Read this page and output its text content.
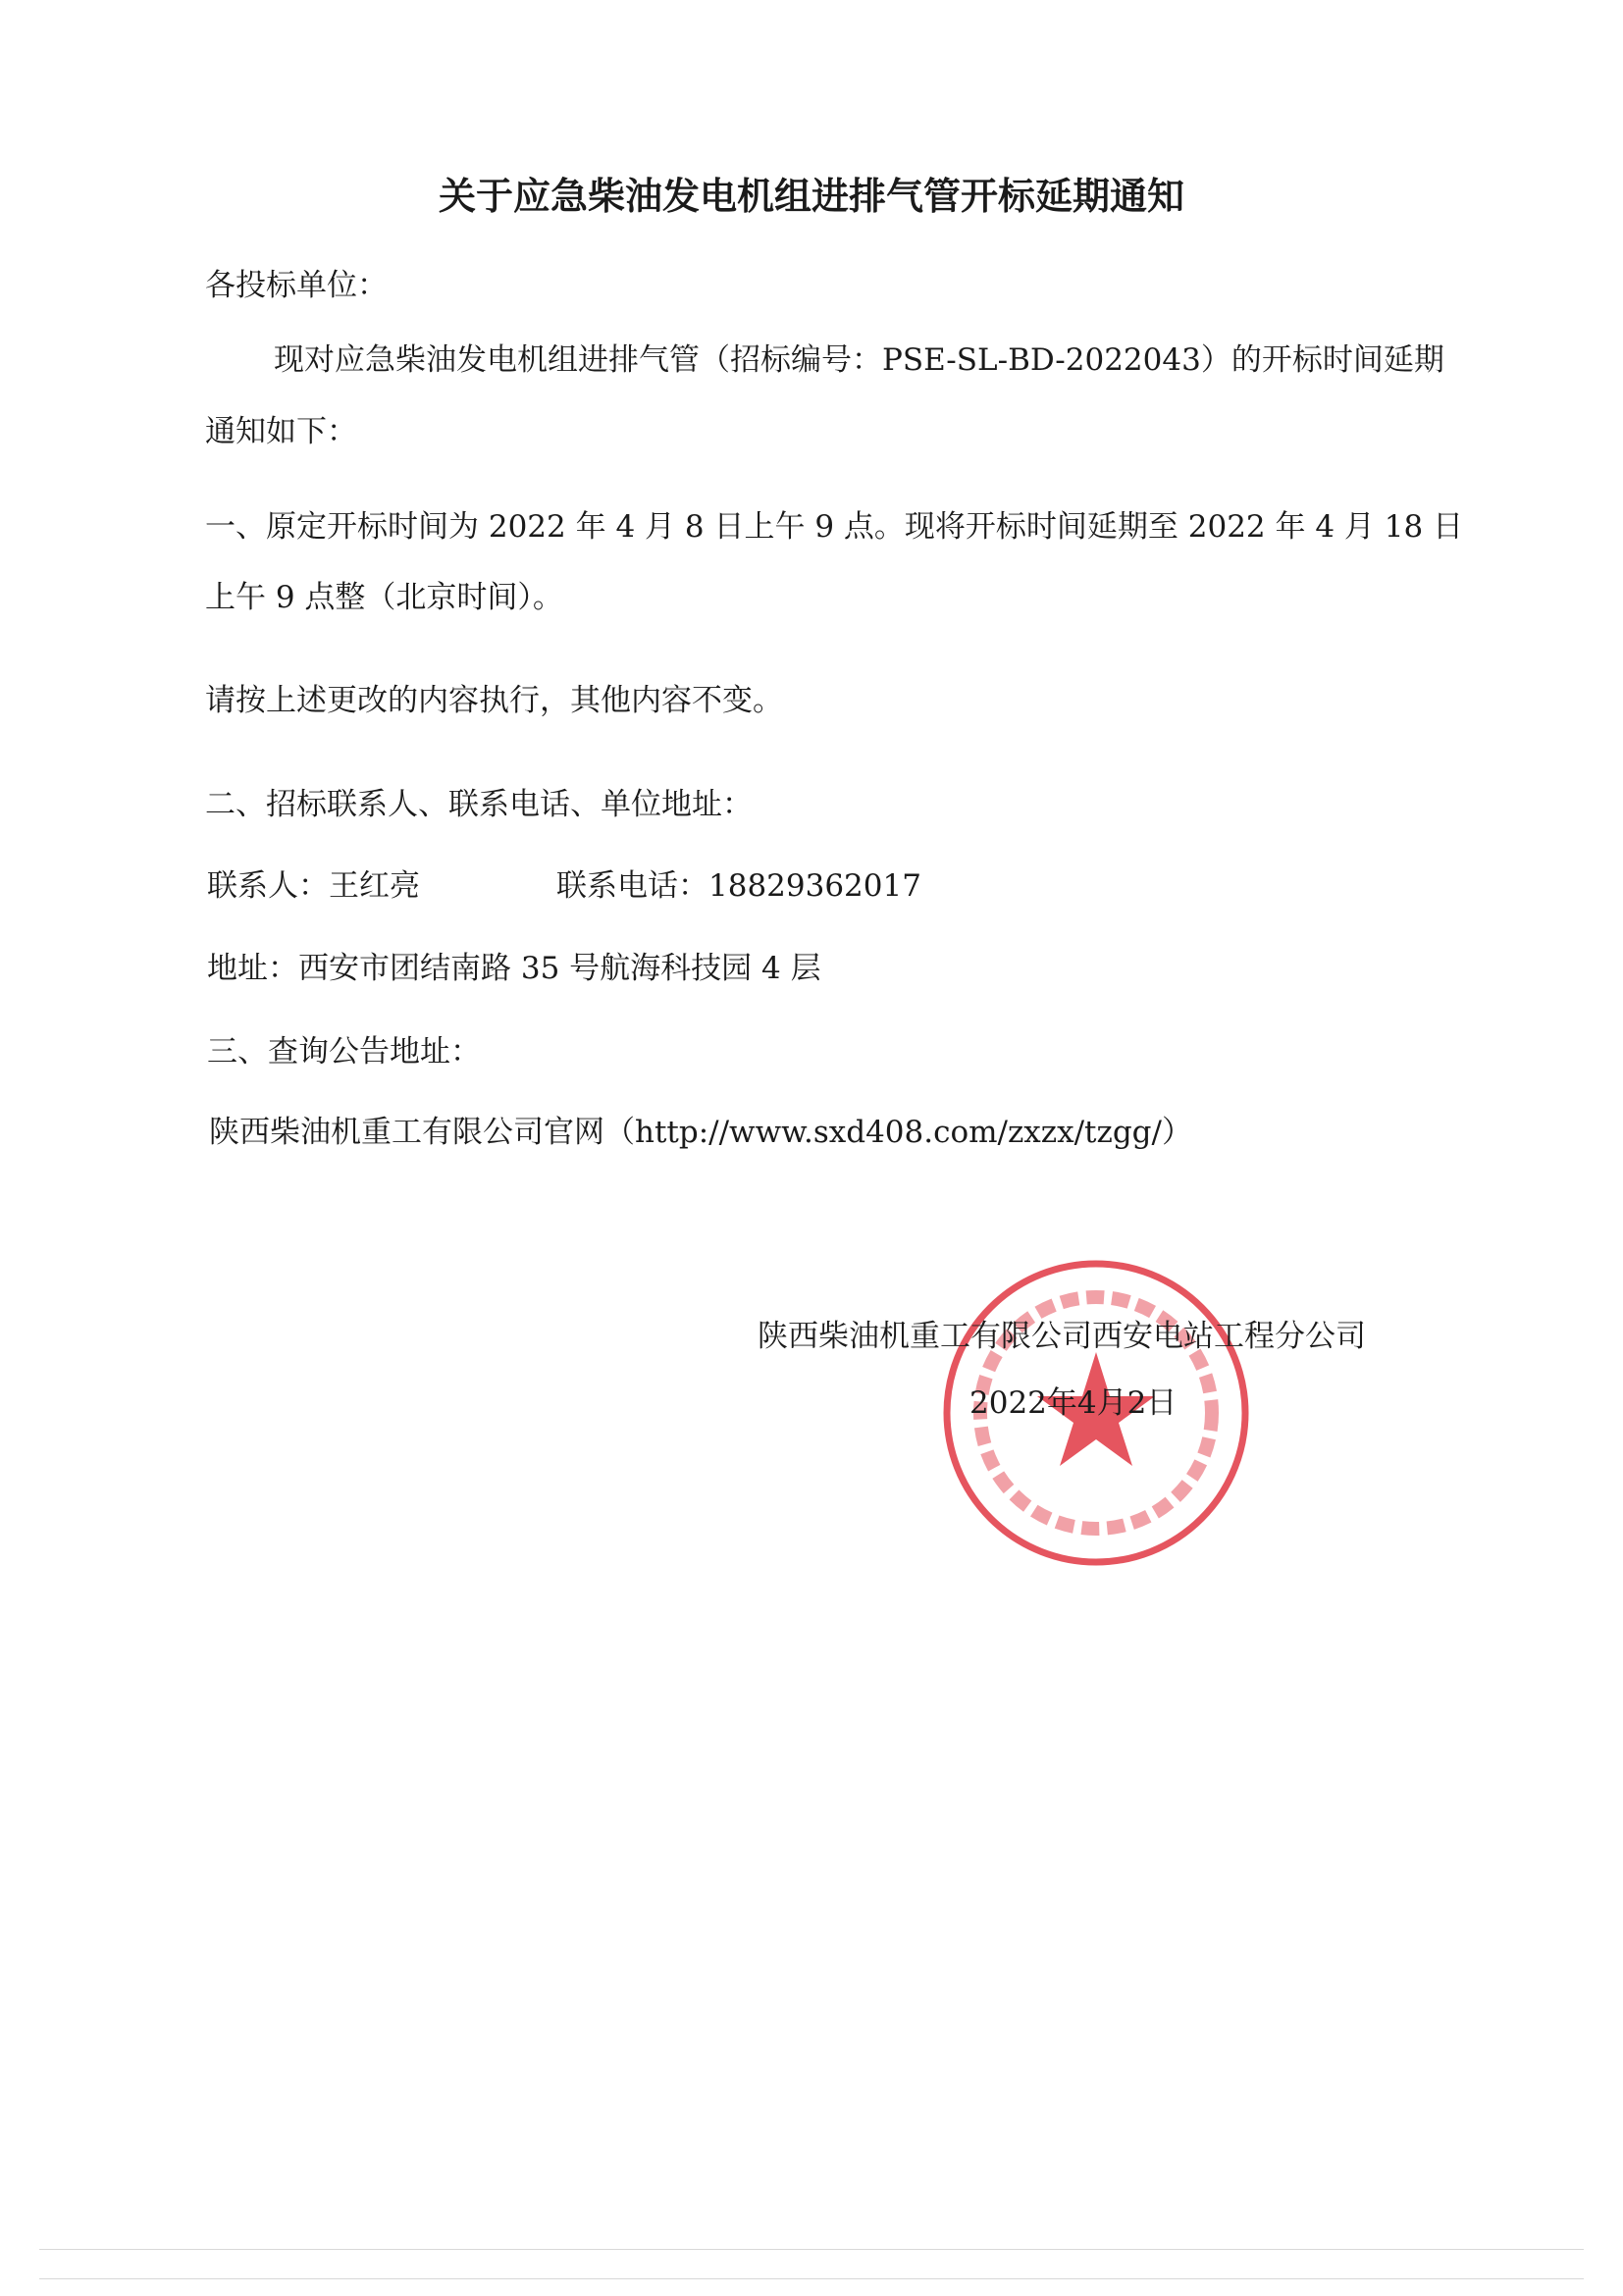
关于应急柴油发电机组进排气管开标延期通知
各投标单位：
现对应急柴油发电机组进排气管（招标编号：PSE-SL-BD-2022043）的开标时间延期
通知如下：
一、原定开标时间为 2022 年 4 月 8 日上午 9 点。现将开标时间延期至 2022 年 4 月 18 日
上午 9 点整（北京时间）。
请按上述更改的内容执行，其他内容不变。
二、招标联系人、联系电话、单位地址：
联系人：王红亮	联系电话：18829362017
地址：西安市团结南路 35 号航海科技园 4 层
三、查询公告地址：
陕西柴油机重工有限公司官网（http://www.sxd408.com/zxzx/tzgg/）
陕西柴油机重工有限公司西安电站工程分公司
2022年4月2日
